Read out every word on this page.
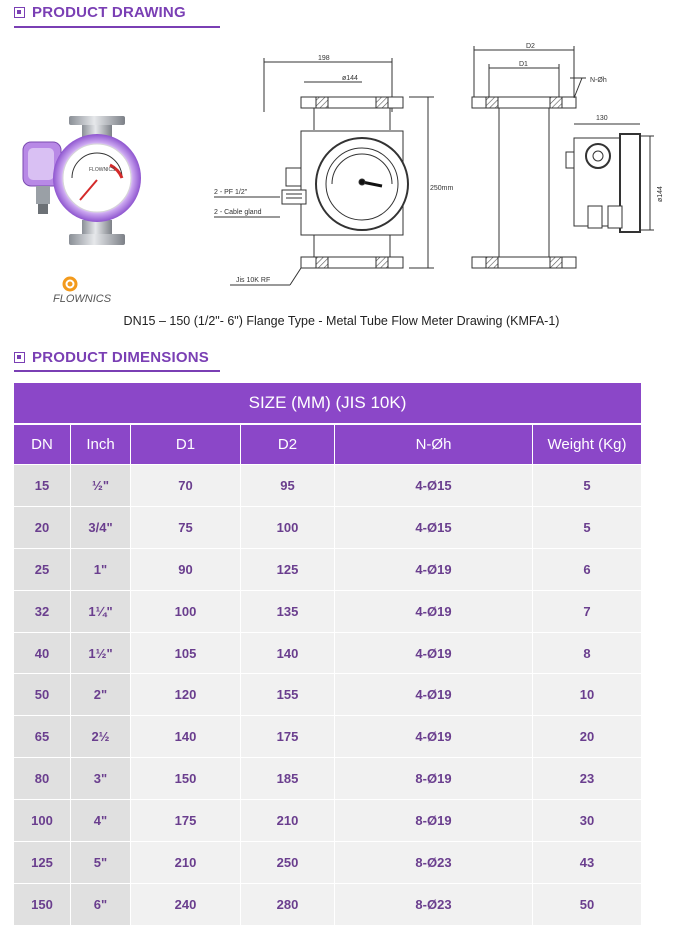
PRODUCT DRAWING
FLOWNICS
FLOWNICS
198
ø144
250mm
2 - PF 1/2"
2 - Cable gland
Jis 10K RF
D2
D1
N-Øh
130
ø144
DN15 – 150 (1/2"- 6") Flange Type - Metal Tube Flow Meter Drawing (KMFA-1)
PRODUCT DIMENSIONS
SIZE (MM) (JIS 10K)					
DN	Inch	D1	D2	N-Øh	Weight (Kg)
15	½"	70	95	4-Ø15	5
20	3/4"	75	100	4-Ø15	5
25	1"	90	125	4-Ø19	6
32	1¼"	100	135	4-Ø19	7
40	1½"	105	140	4-Ø19	8
50	2"	120	155	4-Ø19	10
65	2½	140	175	4-Ø19	20
80	3"	150	185	8-Ø19	23
100	4"	175	210	8-Ø19	30
125	5"	210	250	8-Ø23	43
150	6"	240	280	8-Ø23	50
